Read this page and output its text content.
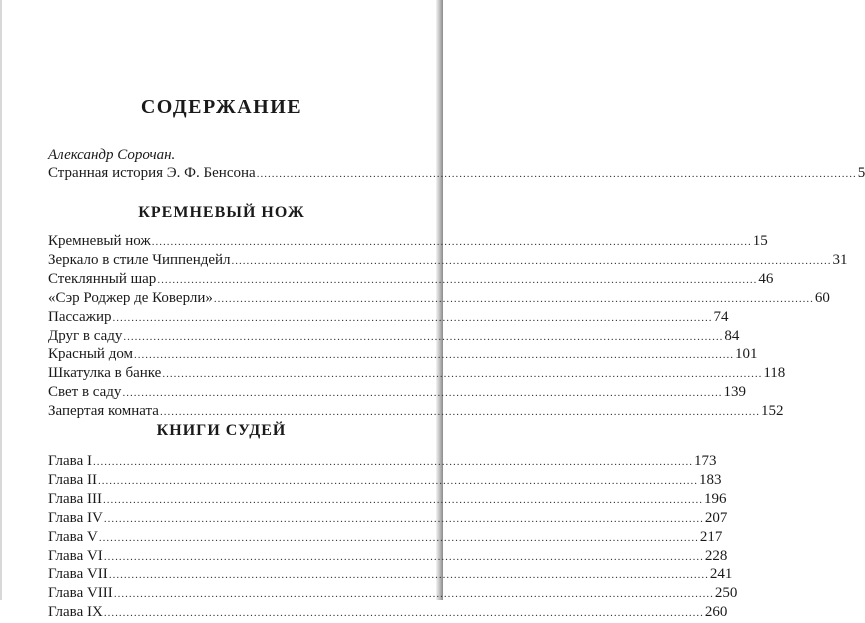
СОДЕРЖАНИЕ
Александр Сорочан.
Странная история Э. Ф. Бенсона ................................................................................................................................................................ 5
КРЕМНЕВЫЙ НОЖ
Кремневый нож ................................................................................................................................................................ 15
Зеркало в стиле Чиппендейл ................................................................................................................................................................ 31
Стеклянный шар ................................................................................................................................................................ 46
«Сэр Роджер де Коверли» ................................................................................................................................................................ 60
Пассажир ................................................................................................................................................................ 74
Друг в саду ................................................................................................................................................................ 84
Красный дом ................................................................................................................................................................ 101
Шкатулка в банке ................................................................................................................................................................ 118
Свет в саду ................................................................................................................................................................ 139
Запертая комната ................................................................................................................................................................ 152
КНИГИ СУДЕЙ
Глава I ................................................................................................................................................................ 173
Глава II ................................................................................................................................................................ 183
Глава III ................................................................................................................................................................ 196
Глава IV ................................................................................................................................................................ 207
Глава V ................................................................................................................................................................ 217
Глава VI ................................................................................................................................................................ 228
Глава VII ................................................................................................................................................................ 241
Глава VIII ................................................................................................................................................................ 250
Глава IX ................................................................................................................................................................ 260
